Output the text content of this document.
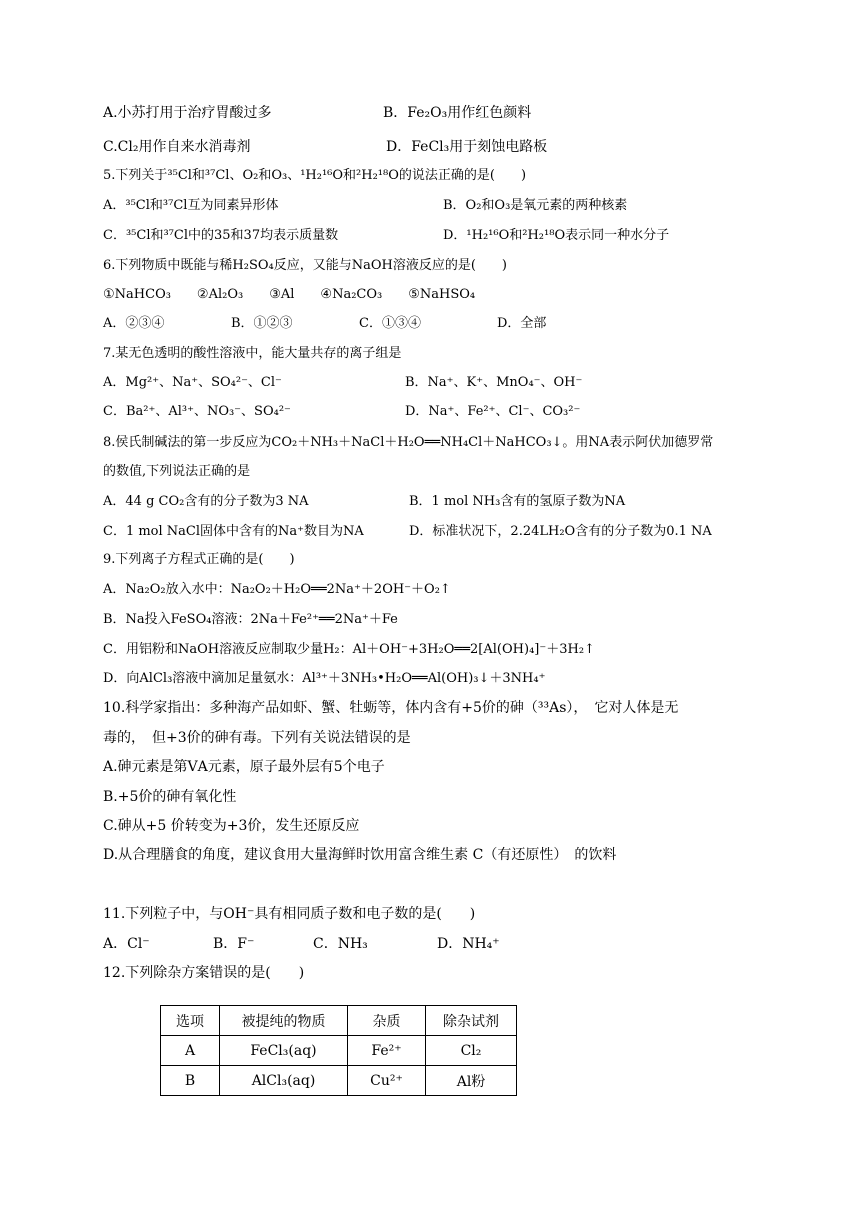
A.小苏打用于治疗胃酸过多	B．Fe₂O₃用作红色颜料
C.Cl₂用作自来水消毒剂	D．FeCl₃用于刻蚀电路板
5.下列关于³⁵Cl和³⁷Cl、O₂和O₃、¹H₂¹⁶O和²H₂¹⁸O的说法正确的是(　　)
A．³⁵Cl和³⁷Cl互为同素异形体	B．O₂和O₃是氧元素的两种核素
C．³⁵Cl和³⁷Cl中的35和37均表示质量数	D．¹H₂¹⁶O和²H₂¹⁸O表示同一种水分子
6.下列物质中既能与稀H₂SO₄反应，又能与NaOH溶液反应的是(　　)
①NaHCO₃　　②Al₂O₃　　③Al　　④Na₂CO₃　　⑤NaHSO₄
A．②③④	B．①②③	C．①③④	D．全部
7.某无色透明的酸性溶液中，能大量共存的离子组是
A．Mg²⁺、Na⁺、SO₄²⁻、Cl⁻	B．Na⁺、K⁺、MnO₄⁻、OH⁻
C．Ba²⁺、Al³⁺、NO₃⁻、SO₄²⁻	D．Na⁺、Fe²⁺、Cl⁻、CO₃²⁻
8.侯氏制碱法的第一步反应为CO₂＋NH₃＋NaCl＋H₂O══NH₄Cl＋NaHCO₃↓。用NA表示阿伏加德罗常
的数值,下列说法正确的是
A．44 g CO₂含有的分子数为3 NA	B．1 mol NH₃含有的氢原子数为NA
C．1 mol NaCl固体中含有的Na⁺数目为NA	D．标准状况下，2.24LH₂O含有的分子数为0.1 NA
9.下列离子方程式正确的是(　　)
A．Na₂O₂放入水中：Na₂O₂＋H₂O══2Na⁺＋2OH⁻＋O₂↑
B．Na投入FeSO₄溶液：2Na＋Fe²⁺══2Na⁺＋Fe
C．用铝粉和NaOH溶液反应制取少量H₂：Al＋OH⁻+3H₂O══2[Al(OH)₄]⁻＋3H₂↑
D．向AlCl₃溶液中滴加足量氨水：Al³⁺＋3NH₃•H₂O══Al(OH)₃↓＋3NH₄⁺
10.科学家指出：多种海产品如虾、蟹、牡蛎等，体内含有+5价的砷（³³As），　它对人体是无
毒的，　但+3价的砷有毒。下列有关说法错误的是
A.砷元素是第ⅤA元素，原子最外层有5个电子
B.+5价的砷有氧化性
C.砷从+5 价转变为+3价，发生还原反应
D.从合理膳食的角度，建议食用大量海鲜时饮用富含维生素 C（有还原性）　的饮料
11.下列粒子中，与OH⁻具有相同质子数和电子数的是(　　)
A．Cl⁻	B．F⁻	C．NH₃	D．NH₄⁺
12.下列除杂方案错误的是(　　)
选项	被提纯的物质	杂质	除杂试剂
A	FeCl₃(aq)	Fe²⁺	Cl₂
B	AlCl₃(aq)	Cu²⁺	Al粉
